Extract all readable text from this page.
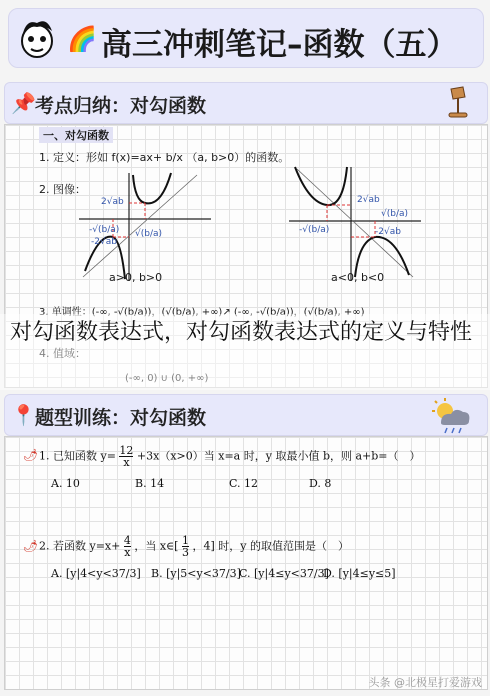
🌈 高三冲刺笔记–函数（五）
📌 考点归纳：对勾函数
一、对勾函数
1. 定义：形如 f(x)=ax+ b/x （a, b>0）的函数。
2. 图像：
2√ab
-√(b/a) √(b/a)
-2√ab
a>0, b>0
2√ab
√(b/a)
-√(b/a)	-2√ab
a<0, b<0
3. 单调性：(-∞, -√(b/a))，(√(b/a), +∞)↗ (-∞, -√(b/a))，(√(b/a), +∞)
4. 值域：
(-∞, 0) ∪ (0, +∞)
对勾函数表达式，对勾函数表达式的定义与特性
📍 题型训练：对勾函数
🌶 1. 已知函数 $y= \frac{12}{x} +3x(x>0)$当 x=a 时，y 取最小值 b，则 a+b=（　）
A. 10	B. 14	C. 12	D. 8
🌶 2. 若函数 $y=x+ \frac{4}{x}$ ，当 x∈[ $\frac{1}{3}$ ，4] 时，y 的取值范围是（　）
A. [y|4<y<37/3] B. [y|5<y<37/3]
C. [y|4≤y<37/3]
D. [y|4≤y≤5]
头条 @北极星打爱游戏
